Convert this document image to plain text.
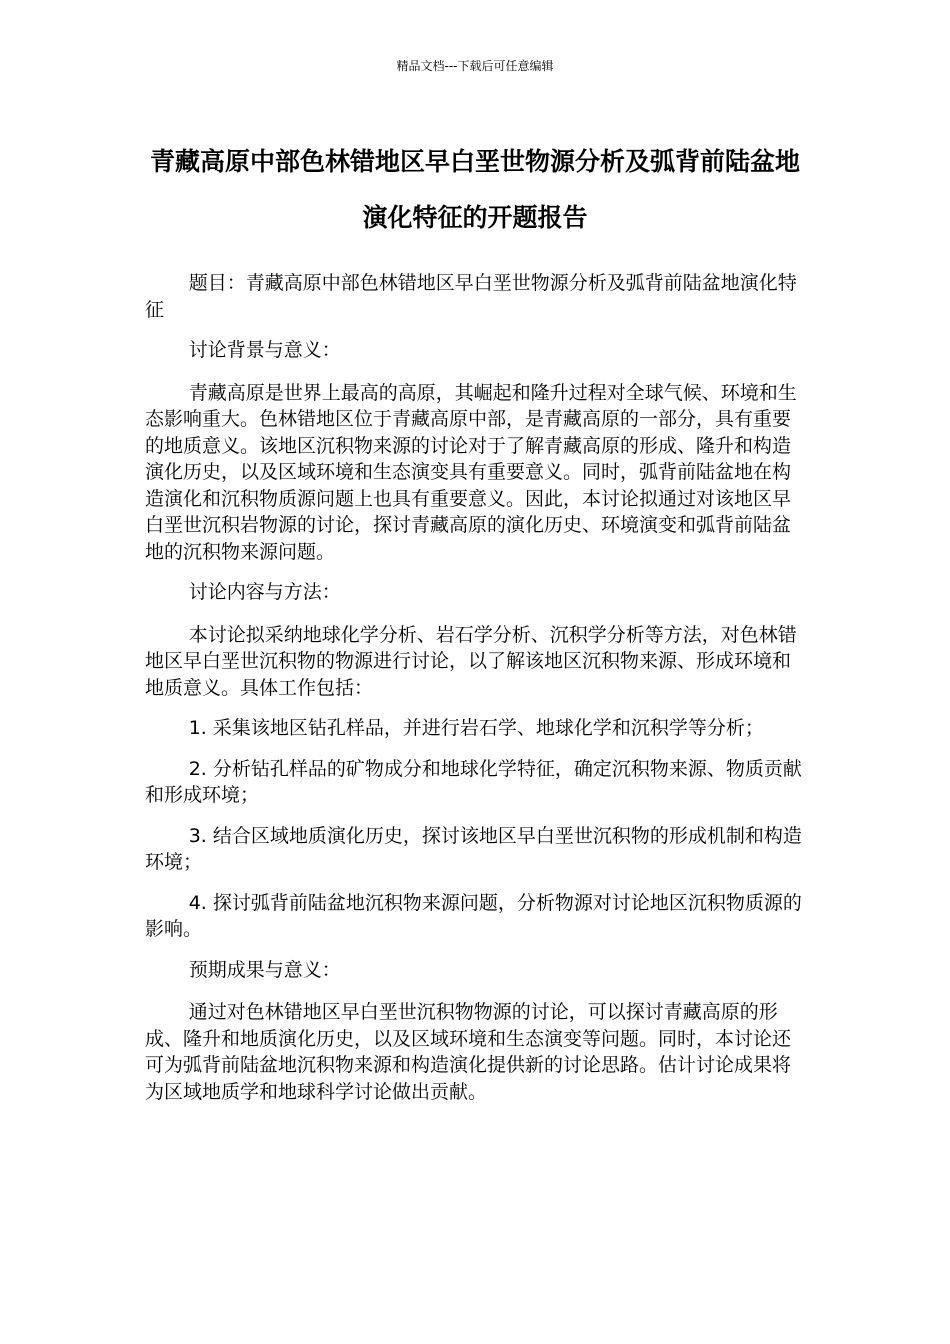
精品文档---下载后可任意编辑
青藏高原中部色林错地区早白垩世物源分析及弧背前陆盆地演化特征的开题报告

题目：青藏高原中部色林错地区早白垩世物源分析及弧背前陆盆地演化特征

讨论背景与意义：

青藏高原是世界上最高的高原，其崛起和隆升过程对全球气候、环境和生态影响重大。色林错地区位于青藏高原中部，是青藏高原的一部分，具有重要的地质意义。该地区沉积物来源的讨论对于了解青藏高原的形成、隆升和构造演化历史，以及区域环境和生态演变具有重要意义。同时，弧背前陆盆地在构造演化和沉积物质源问题上也具有重要意义。因此，本讨论拟通过对该地区早白垩世沉积岩物源的讨论，探讨青藏高原的演化历史、环境演变和弧背前陆盆地的沉积物来源问题。

讨论内容与方法：

本讨论拟采纳地球化学分析、岩石学分析、沉积学分析等方法，对色林错地区早白垩世沉积物的物源进行讨论，以了解该地区沉积物来源、形成环境和地质意义。具体工作包括：

1. 采集该地区钻孔样品，并进行岩石学、地球化学和沉积学等分析；

2. 分析钻孔样品的矿物成分和地球化学特征，确定沉积物来源、物质贡献和形成环境；

3. 结合区域地质演化历史，探讨该地区早白垩世沉积物的形成机制和构造环境；

4. 探讨弧背前陆盆地沉积物来源问题，分析物源对讨论地区沉积物质源的影响。

预期成果与意义：

通过对色林错地区早白垩世沉积物物源的讨论，可以探讨青藏高原的形成、隆升和地质演化历史，以及区域环境和生态演变等问题。同时，本讨论还可为弧背前陆盆地沉积物来源和构造演化提供新的讨论思路。估计讨论成果将为区域地质学和地球科学讨论做出贡献。
